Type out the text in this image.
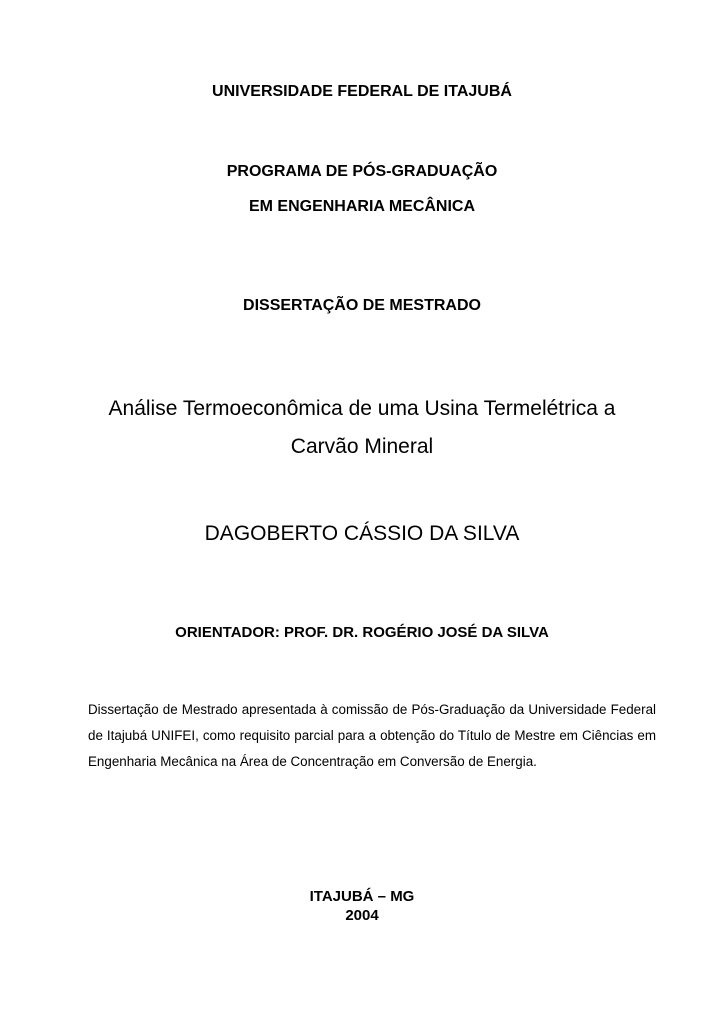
UNIVERSIDADE FEDERAL DE ITAJUBÁ
PROGRAMA DE PÓS-GRADUAÇÃO
EM ENGENHARIA MECÂNICA
DISSERTAÇÃO DE MESTRADO
Análise Termoeconômica de uma Usina Termelétrica a
Carvão Mineral
DAGOBERTO CÁSSIO DA SILVA
ORIENTADOR: PROF. DR. ROGÉRIO JOSÉ DA SILVA
Dissertação de Mestrado apresentada à comissão de Pós-Graduação da Universidade Federal de Itajubá UNIFEI, como requisito parcial para a obtenção do Título de Mestre em Ciências em Engenharia Mecânica na Área de Concentração em Conversão de Energia.
ITAJUBÁ – MG
2004
